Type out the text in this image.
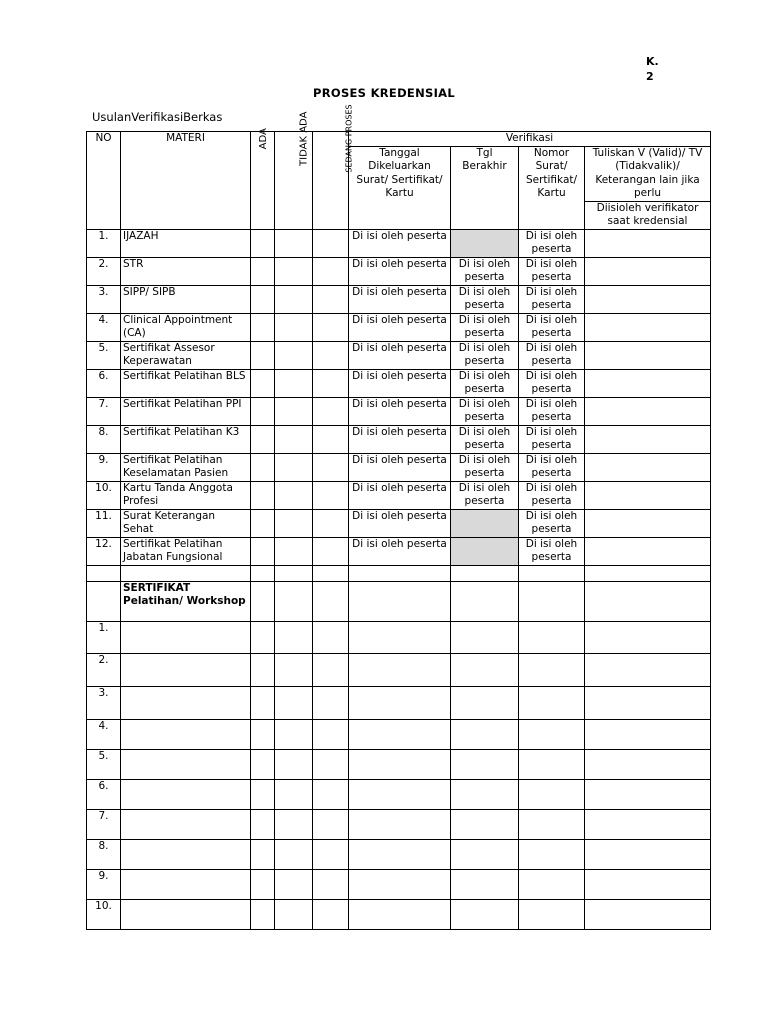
K. 2
PROSES KREDENSIAL
UsulanVerifikasiBerkas
NO	MATERI	ADA	TIDAK ADA	SEDANG PROSES	Verifikasi			
					Tanggal Dikeluarkan Surat/ Sertifikat/ Kartu	Tgl Berakhir	Nomor Surat/ Sertifikat/ Kartu	Tuliskan V (Valid)/ TV (Tidakvalik)/ Keterangan lain jika perlu
								Diisioleh verifikator saat kredensial
1.	IJAZAH				Di isi oleh peserta		Di isi oleh peserta	
2.	STR				Di isi oleh peserta	Di isi oleh peserta	Di isi oleh peserta	
3.	SIPP/ SIPB				Di isi oleh peserta	Di isi oleh peserta	Di isi oleh peserta	
4.	Clinical Appointment (CA)				Di isi oleh peserta	Di isi oleh peserta	Di isi oleh peserta	
5.	Sertifikat Assesor Keperawatan				Di isi oleh peserta	Di isi oleh peserta	Di isi oleh peserta	
6.	Sertifikat Pelatihan BLS				Di isi oleh peserta	Di isi oleh peserta	Di isi oleh peserta	
7.	Sertifikat Pelatihan PPI				Di isi oleh peserta	Di isi oleh peserta	Di isi oleh peserta	
8.	Sertifikat Pelatihan K3				Di isi oleh peserta	Di isi oleh peserta	Di isi oleh peserta	
9.	Sertifikat Pelatihan Keselamatan Pasien				Di isi oleh peserta	Di isi oleh peserta	Di isi oleh peserta	
10.	Kartu Tanda Anggota Profesi				Di isi oleh peserta	Di isi oleh peserta	Di isi oleh peserta	
11.	Surat Keterangan Sehat				Di isi oleh peserta		Di isi oleh peserta	
12.	Sertifikat Pelatihan Jabatan Fungsional				Di isi oleh peserta		Di isi oleh peserta	

	SERTIFIKAT Pelatihan/ Workshop							
1.								
2.								
3.								
4.								
5.								
6.								
7.								
8.								
9.								
10.								
